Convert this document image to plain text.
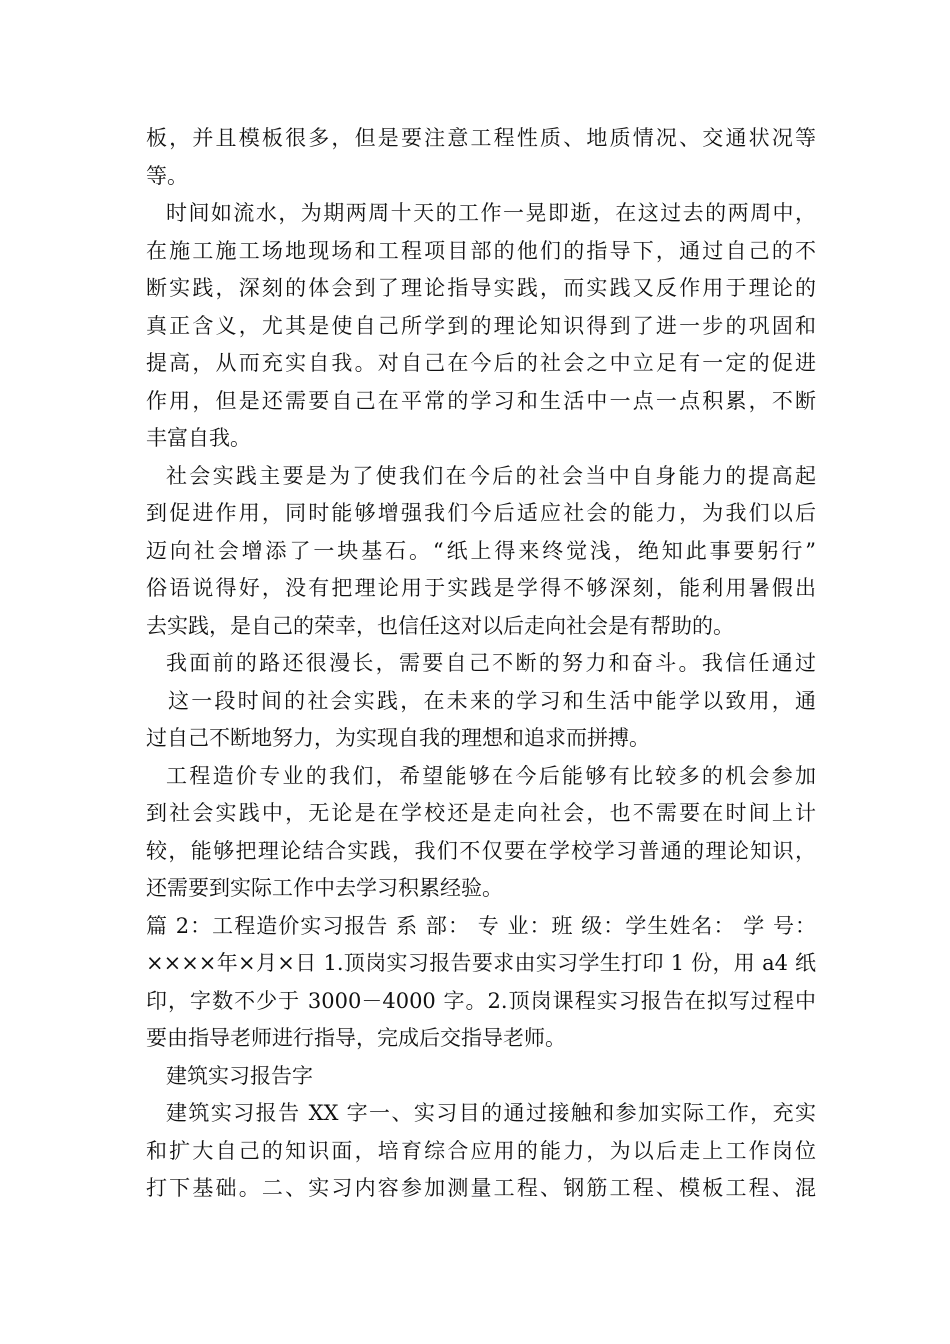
板，并且模板很多，但是要注意工程性质、地质情况、交通状况等
等。
时间如流水，为期两周十天的工作一晃即逝，在这过去的两周中，
在施工施工场地现场和工程项目部的他们的指导下，通过自己的不
断实践，深刻的体会到了理论指导实践，而实践又反作用于理论的
真正含义，尤其是使自己所学到的理论知识得到了进一步的巩固和
提高，从而充实自我。对自己在今后的社会之中立足有一定的促进
作用，但是还需要自己在平常的学习和生活中一点一点积累，不断
丰富自我。
社会实践主要是为了使我们在今后的社会当中自身能力的提高起
到促进作用，同时能够增强我们今后适应社会的能力，为我们以后
迈向社会增添了一块基石。“纸上得来终觉浅，绝知此事要躬行”
俗语说得好，没有把理论用于实践是学得不够深刻，能利用暑假出
去实践，是自己的荣幸，也信任这对以后走向社会是有帮助的。
我面前的路还很漫长，需要自己不断的努力和奋斗。我信任通过
这一段时间的社会实践，在未来的学习和生活中能学以致用，通
过自己不断地努力，为实现自我的理想和追求而拼搏。
工程造价专业的我们，希望能够在今后能够有比较多的机会参加
到社会实践中，无论是在学校还是走向社会，也不需要在时间上计
较，能够把理论结合实践，我们不仅要在学校学习普通的理论知识，
还需要到实际工作中去学习积累经验。
篇 2：工程造价实习报告 系 部： 专 业：班 级：学生姓名： 学 号：
××××年×月×日 1.顶岗实习报告要求由实习学生打印 1 份，用 a4 纸
印，字数不少于 3000－4000 字。2.顶岗课程实习报告在拟写过程中
要由指导老师进行指导，完成后交指导老师。
建筑实习报告字
建筑实习报告 XX 字一、实习目的通过接触和参加实际工作，充实
和扩大自己的知识面，培育综合应用的能力，为以后走上工作岗位
打下基础。二、实习内容参加测量工程、钢筋工程、模板工程、混
